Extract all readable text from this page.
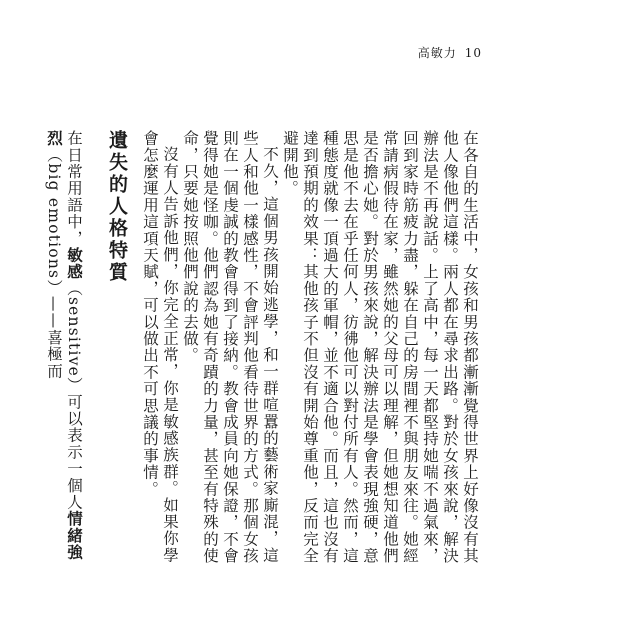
高敏力 10

在各自的生活中，女孩和男孩都漸漸覺得世界上好像沒有其他人像他們這樣。兩人都在尋求出路。對於女孩來說，解決辦法是不再說話。上了高中，每一天都堅持她喘不過氣來，回到家時筋疲力盡，躲在自己的房間裡不與朋友來往。她經常請病假待在家，雖然她的父母可以理解，但她想知道他們是否擔心她。對於男孩來說，解決辦法是學會表現強硬，意思是他不去在乎任何人，彷彿他可以對付所有人。然而，這種態度就像一頂過大的軍帽，並不適合他。而且，這也沒有達到預期的效果：其他孩子不但沒有開始尊重他，反而完全避開他。

不久，這個男孩開始逃學，和一群喧囂的藝術家廝混，這些人和他一樣感性，不會評判他看待世界的方式。那個女孩則在一個虔誠的教會得到了接納。教會成員向她保證，不會覺得她是怪咖。他們認為她有奇蹟的力量，甚至有特殊的使命，只要她按照他們說的去做。

沒有人告訴他們，你完全正常，你是敏感族群。如果你學會怎麼運用這項天賦，可以做出不可思議的事情。

遺失的人格特質

在日常用語中，敏感（sensitive）可以表示一個人情緒強烈（big emotions）——喜極而
